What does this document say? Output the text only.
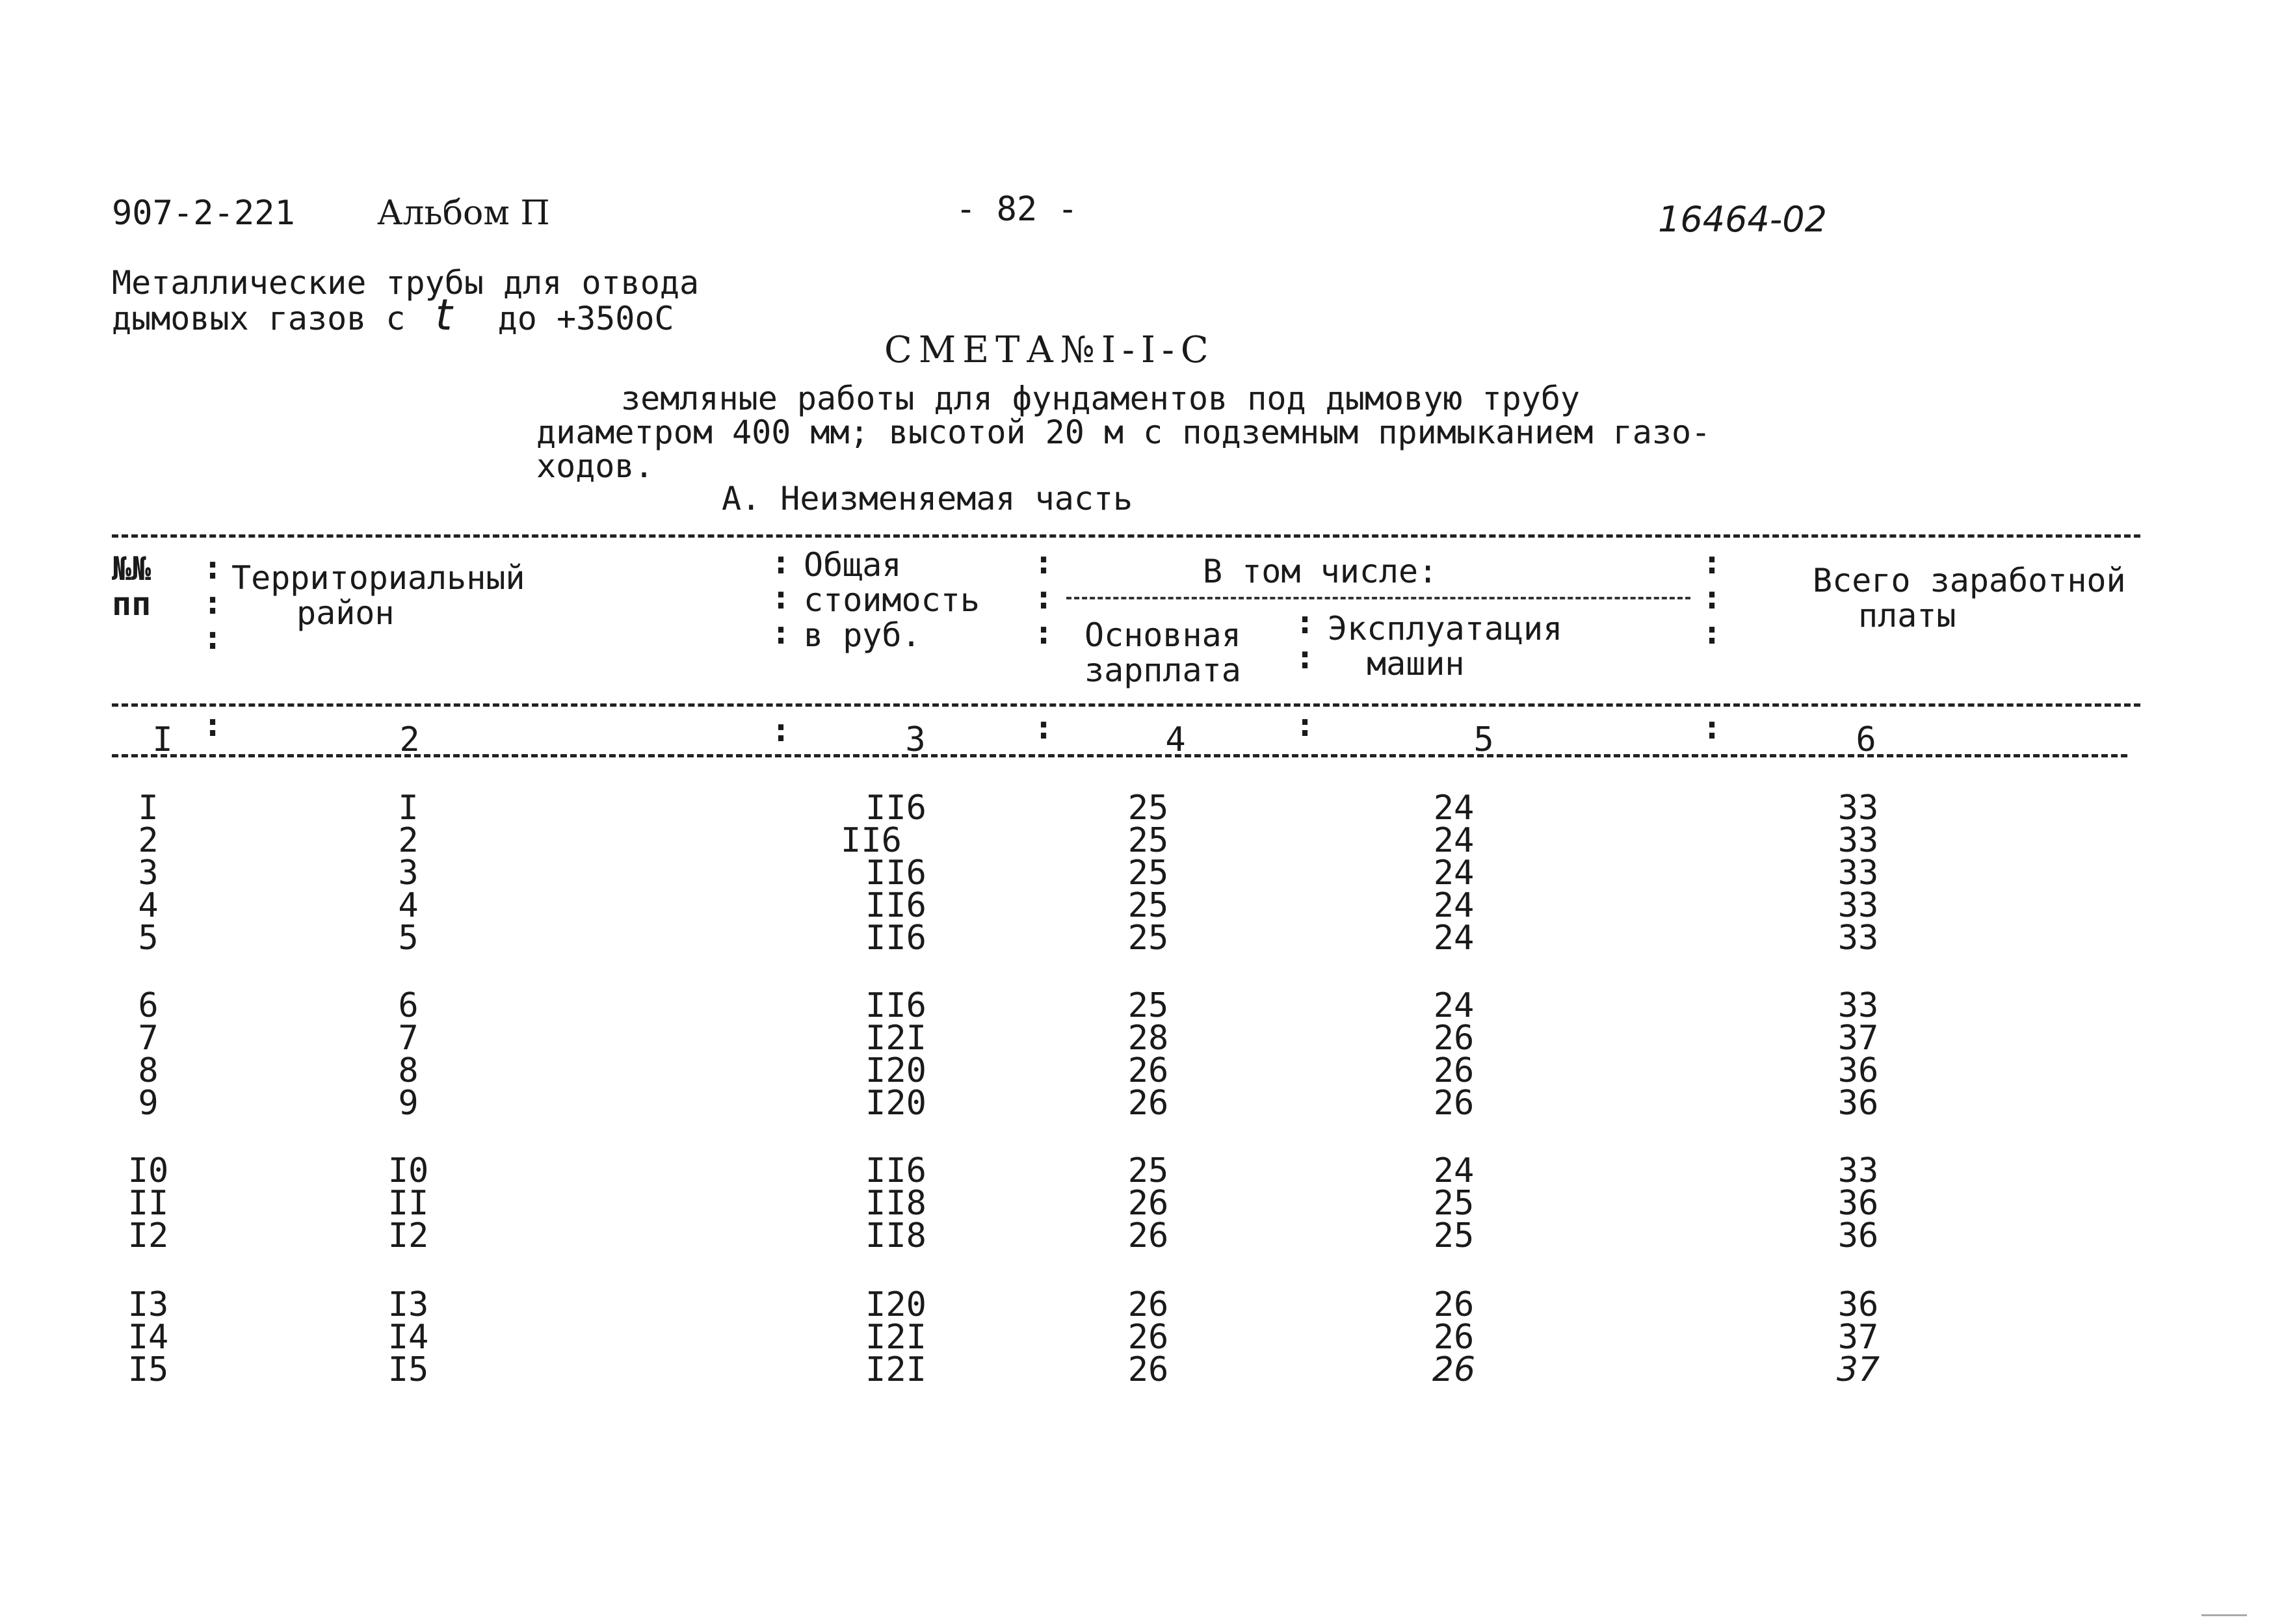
907-2-221 Альбом П	- 82 -	16464-02
Металлические трубы для отвода
дымовых газов с t до +350оС
СМЕТА№I-I-С
земляные работы для фундаментов под дымовую трубу
диаметром 400 мм; высотой 20 м с подземным примыканием газо-
ходов.
А. Неизменяемая часть
:
:
:
:
:
:
:
:
:	:
:
:
:
:
:	:	:	:	:
№№
пп
Территориальный
район
Общая
стоимость
в руб.
В том числе:
Основная
зарплата
Эксплуатация
машин
Всего заработной
платы
I	2	3	4	5	6
I	I	II6	25	24	33
2	2	II6	25	24	33
3	3	II6	25	24	33
4	4	II6	25	24	33
5	5	II6	25	24	33
6	6	II6	25	24	33
7	7	I2I	28	26	37
8	8	I20	26	26	36
9	9	I20	26	26	36
I0	I0	II6	25	24	33
II	II	II8	26	25	36
I2	I2	II8	26	25	36
I3	I3	I20	26	26	36
I4	I4	I2I	26	26	37
I5	I5	I2I	26	26	37
